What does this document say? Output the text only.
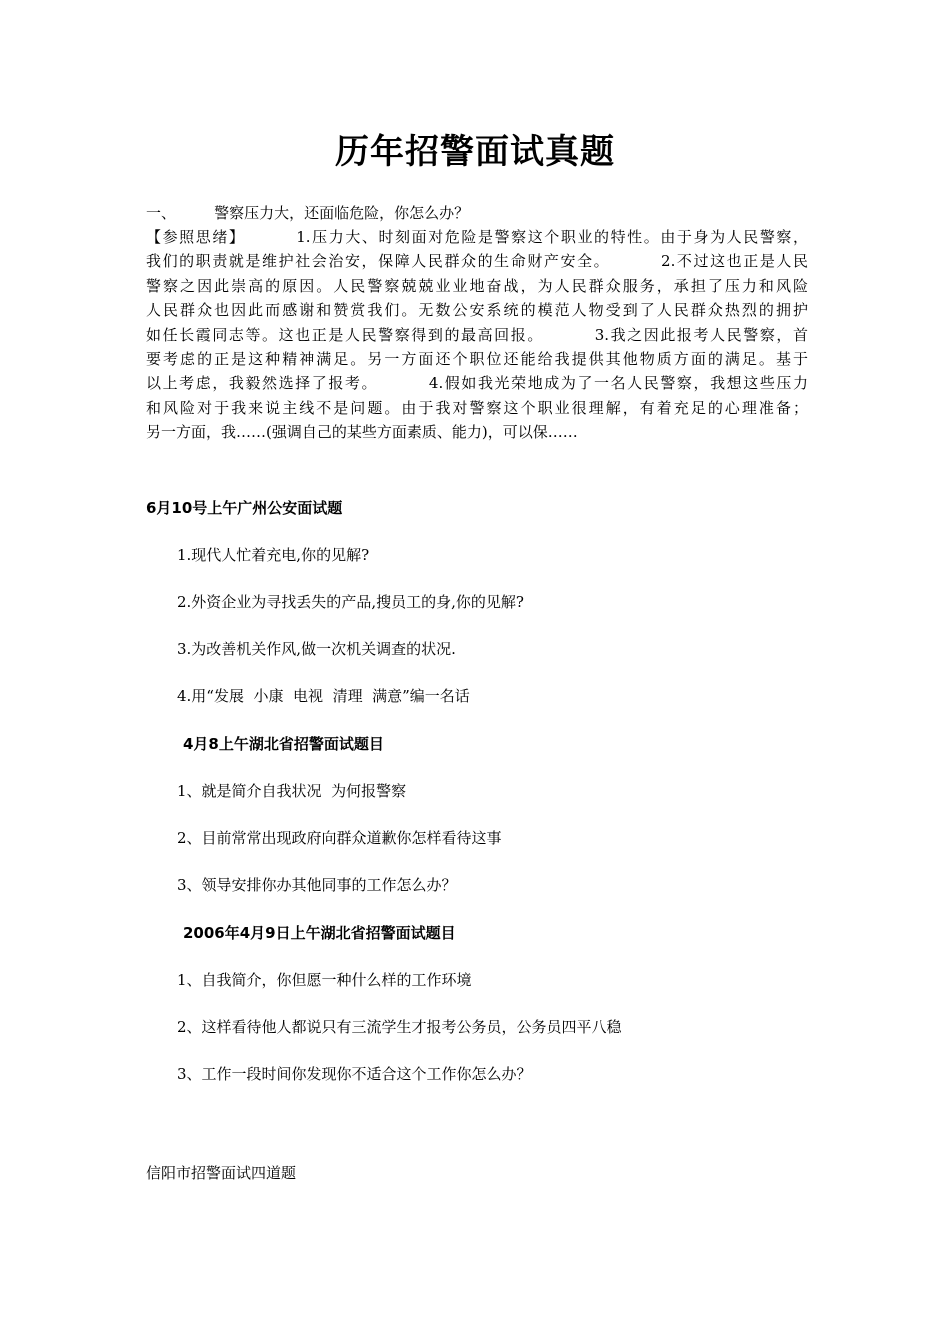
历年招警面试真题
一、        警察压力大，还面临危险，你怎么办？
【参照思绪】        1.压力大、时刻面对危险是警察这个职业的特性。由于身为人民警察，
我们的职责就是维护社会治安，保障人民群众的生命财产安全。        2.不过这也正是人民
警察之因此崇高的原因。人民警察兢兢业业地奋战，为人民群众服务，承担了压力和风险
人民群众也因此而感谢和赞赏我们。无数公安系统的模范人物受到了人民群众热烈的拥护
如任长霞同志等。这也正是人民警察得到的最高回报。        3.我之因此报考人民警察，首
要考虑的正是这种精神满足。另一方面还个职位还能给我提供其他物质方面的满足。基于
以上考虑，我毅然选择了报考。        4.假如我光荣地成为了一名人民警察，我想这些压力
和风险对于我来说主线不是问题。由于我对警察这个职业很理解，有着充足的心理准备；
另一方面，我……(强调自己的某些方面素质、能力)，可以保……
6月10号上午广州公安面试题
1.现代人忙着充电,你的见解?
2.外资企业为寻找丢失的产品,搜员工的身,你的见解?
3.为改善机关作风,做一次机关调查的状况.
4.用“发展  小康  电视  清理  满意”编一名话
4月8上午湖北省招警面试题目
1、就是简介自我状况  为何报警察
2、目前常常出现政府向群众道歉你怎样看待这事
3、领导安排你办其他同事的工作怎么办？
2006年4月9日上午湖北省招警面试题目
1、自我简介，你但愿一种什么样的工作环境
2、这样看待他人都说只有三流学生才报考公务员，公务员四平八稳
3、工作一段时间你发现你不适合这个工作你怎么办？
信阳市招警面试四道题
